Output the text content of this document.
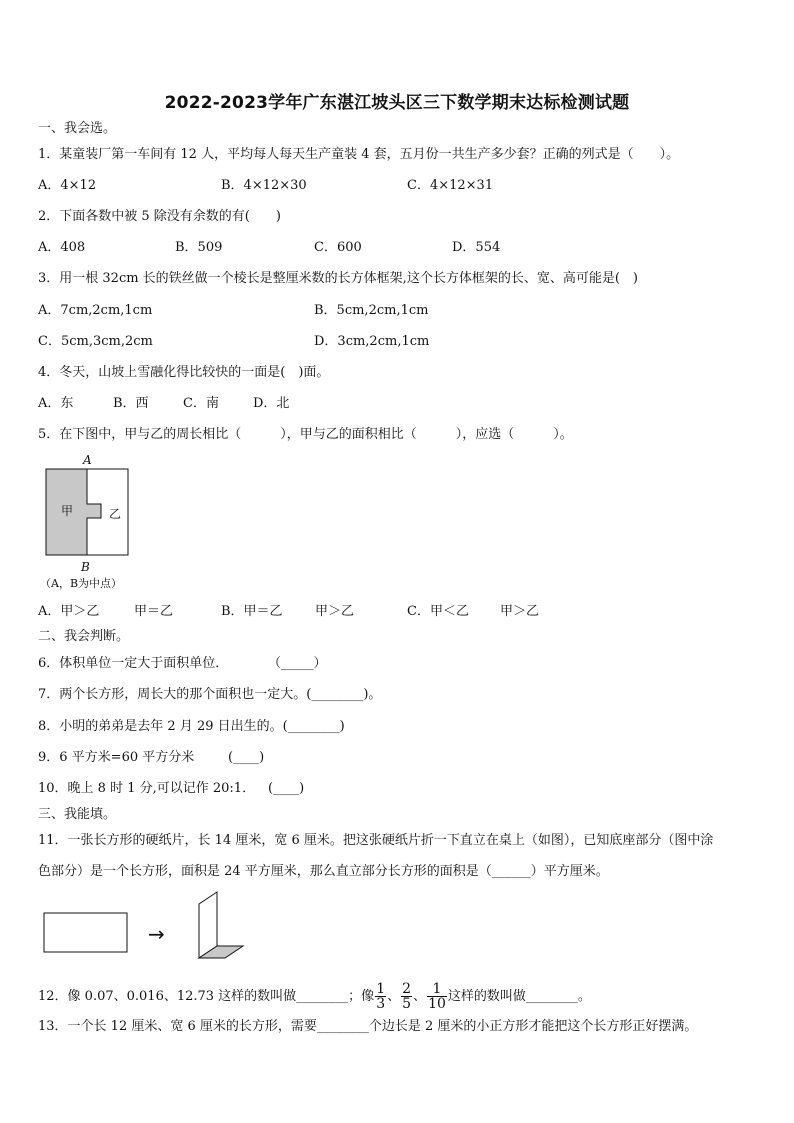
2022-2023学年广东湛江坡头区三下数学期末达标检测试题
一、我会选。
1．某童装厂第一车间有 12 人，平均每人每天生产童装 4 套，五月份一共生产多少套？正确的列式是（　　）。
A．4×12	B．4×12×30	C．4×12×31
2．下面各数中被 5 除没有余数的有(　　)
A．408	B．509	C．600	D．554
3．用一根 32cm 长的铁丝做一个棱长是整厘米数的长方体框架,这个长方体框架的长、宽、高可能是(　)
A．7cm,2cm,1cm	B．5cm,2cm,1cm
C．5cm,3cm,2cm	D．3cm,2cm,1cm
4．冬天，山坡上雪融化得比较快的一面是(　)面。
A．东	B．西	C．南	D．北
5．在下图中，甲与乙的周长相比（　　　），甲与乙的面积相比（　　　），应选（　　　）。
A
甲	乙
B
（A，B为中点）
A．甲＞乙	甲＝乙	B．甲＝乙 甲＞乙	C．甲＜乙 甲＞乙
二、我会判断。
6．体积单位一定大于面积单位．	（_____）
7．两个长方形，周长大的那个面积也一定大。(________)。
8．小明的弟弟是去年 2 月 29 日出生的。(________)
9．6 平方米=60 平方分米	(____)
10．晚上 8 时 1 分,可以记作 20:1． (____)
三、我能填。
11．一张长方形的硬纸片，长 14 厘米，宽 6 厘米。把这张硬纸片折一下直立在桌上（如图），已知底座部分（图中涂
色部分）是一个长方形，面积是 24 平方厘米，那么直立部分长方形的面积是（______）平方厘米。
→
12．像 0.07、0.016、12.73 这样的数叫做________；像 $\frac{1}{3}$ 、 $\frac{2}{5}$ 、 $\frac{1}{10}$ 这样的数叫做________。
13．一个长 12 厘米、宽 6 厘米的长方形，需要________个边长是 2 厘米的小正方形才能把这个长方形正好摆满。
